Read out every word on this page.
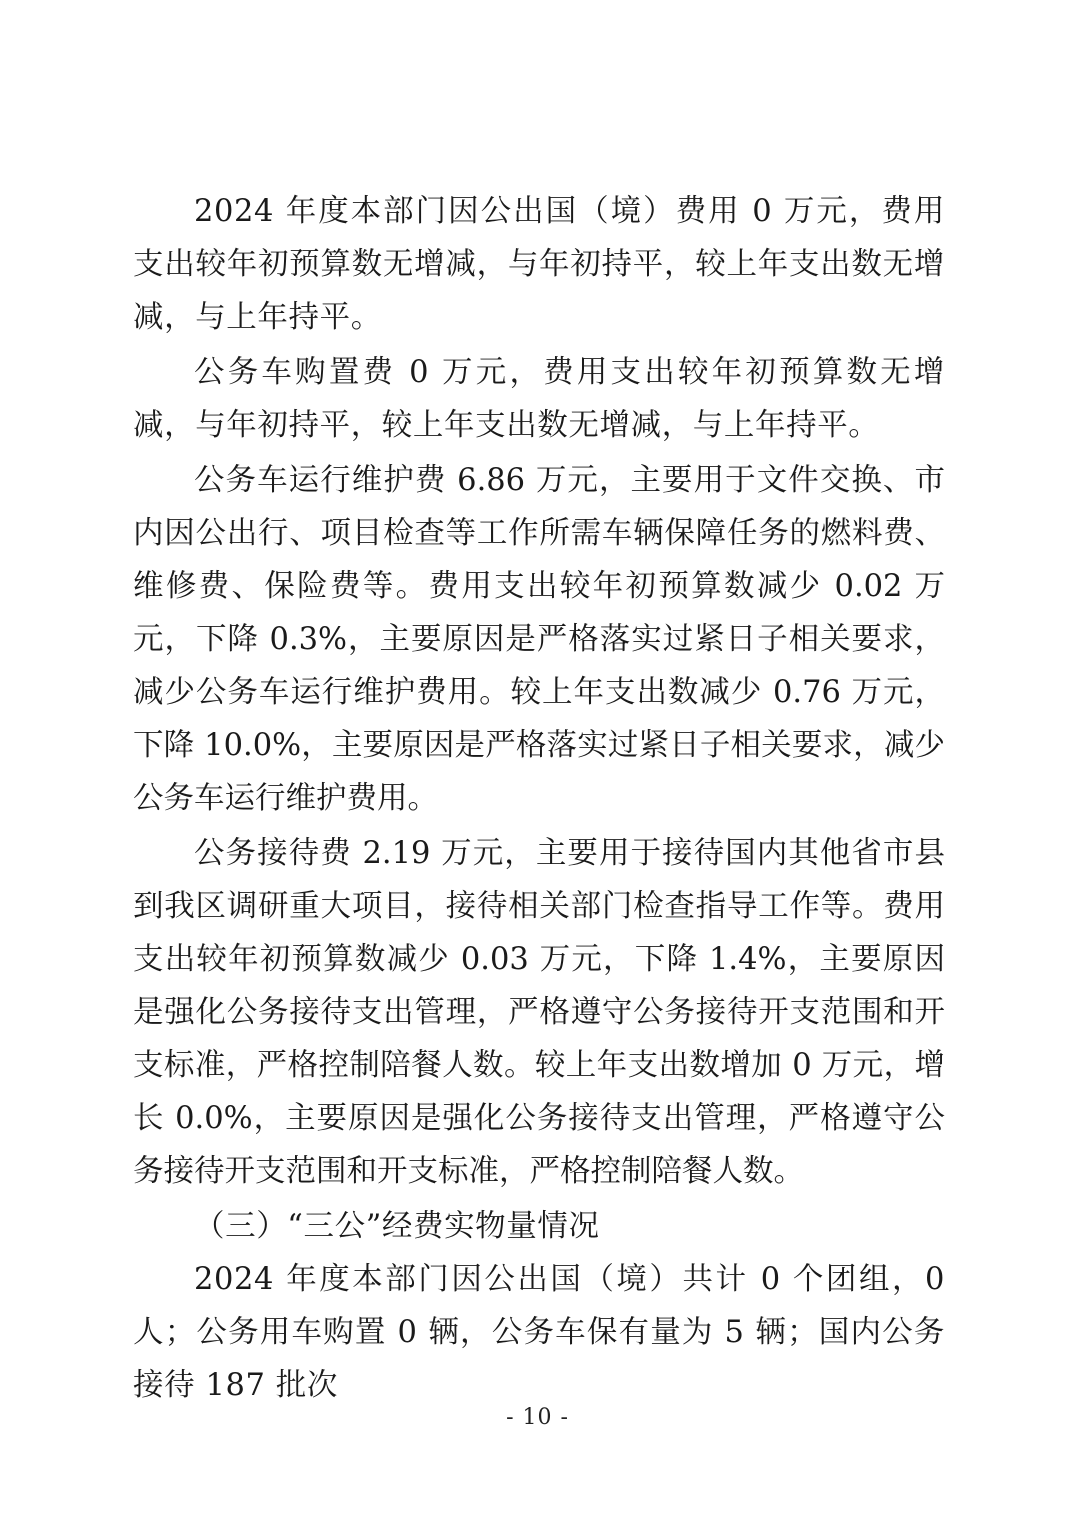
2024 年度本部门因公出国（境）费用 0 万元，费用支出较年初预算数无增减，与年初持平，较上年支出数无增减，与上年持平。

公务车购置费 0 万元，费用支出较年初预算数无增减，与年初持平，较上年支出数无增减，与上年持平。

公务车运行维护费 6.86 万元，主要用于文件交换、市内因公出行、项目检查等工作所需车辆保障任务的燃料费、维修费、保险费等。费用支出较年初预算数减少 0.02 万元，下降 0.3%，主要原因是严格落实过紧日子相关要求，减少公务车运行维护费用。较上年支出数减少 0.76 万元，下降 10.0%，主要原因是严格落实过紧日子相关要求，减少公务车运行维护费用。

公务接待费 2.19 万元，主要用于接待国内其他省市县到我区调研重大项目，接待相关部门检查指导工作等。费用支出较年初预算数减少 0.03 万元，下降 1.4%，主要原因是强化公务接待支出管理，严格遵守公务接待开支范围和开支标准，严格控制陪餐人数。较上年支出数增加 0 万元，增长 0.0%，主要原因是强化公务接待支出管理，严格遵守公务接待开支范围和开支标准，严格控制陪餐人数。

（三）“三公”经费实物量情况

2024 年度本部门因公出国（境）共计 0 个团组，0 人；公务用车购置 0 辆，公务车保有量为 5 辆；国内公务接待 187 批次

- 10 -
